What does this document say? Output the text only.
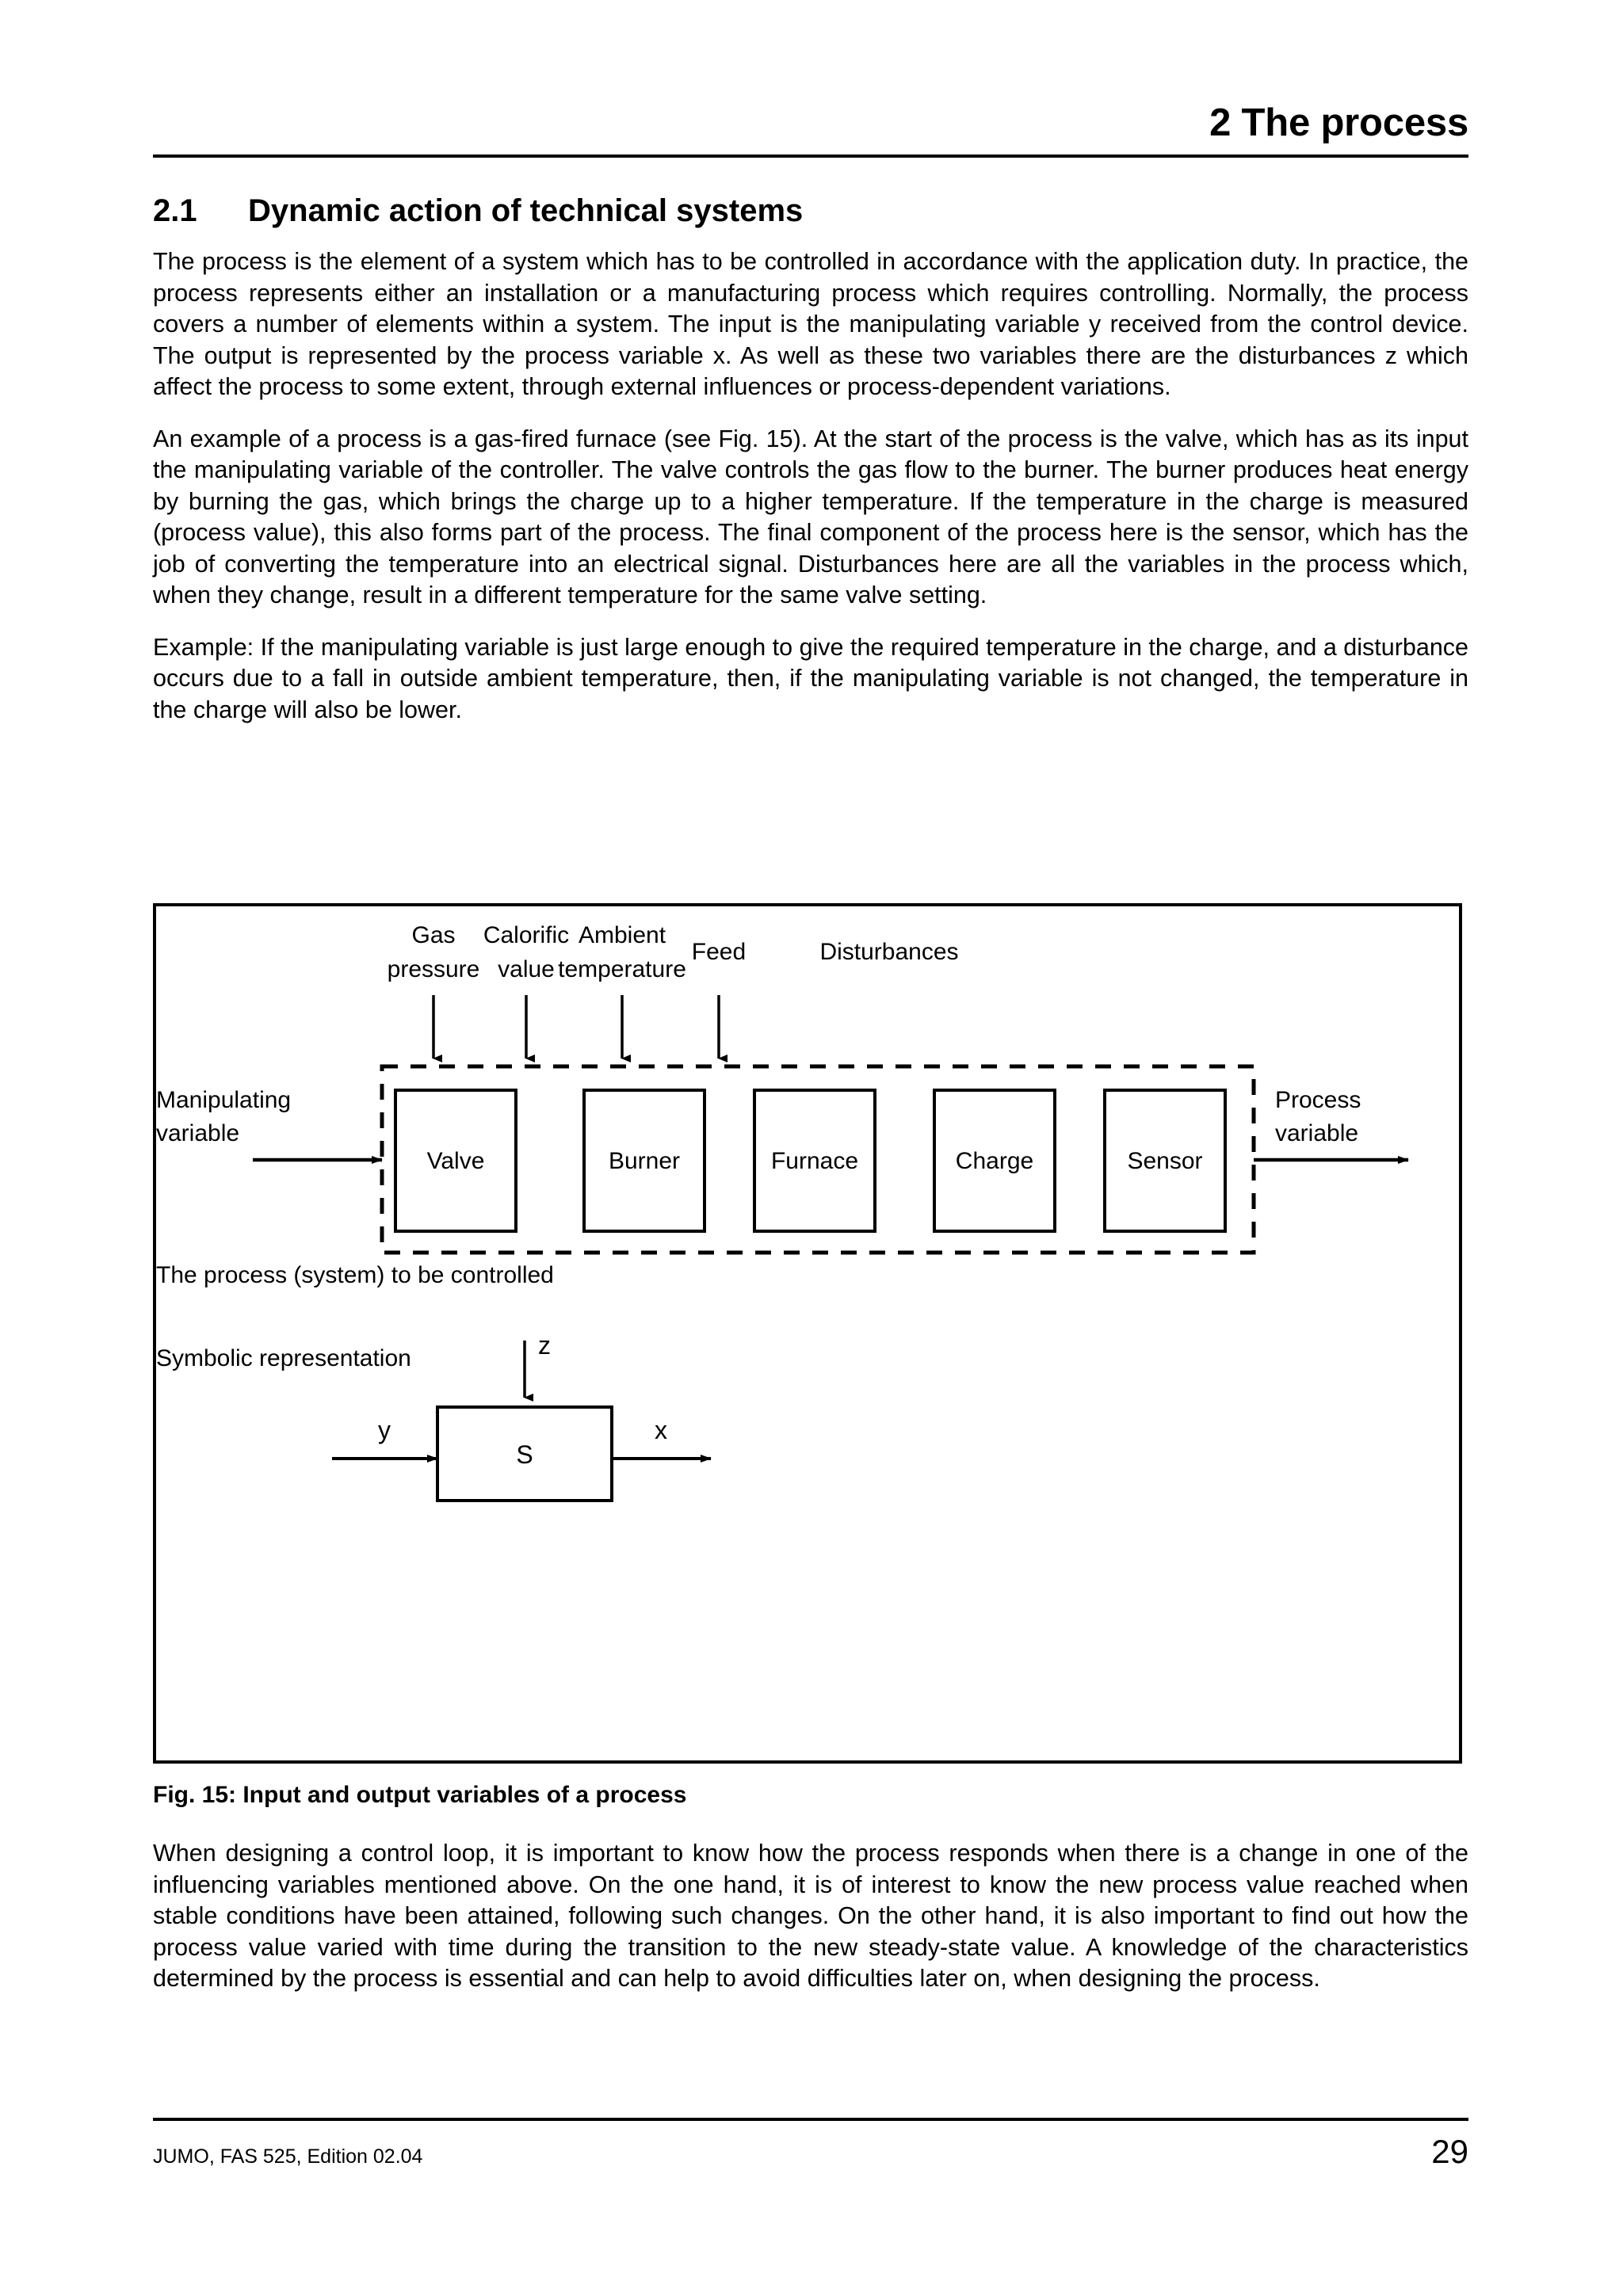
2 The process
2.1	Dynamic action of technical systems

The process is the element of a system which has to be controlled in accordance with the application duty. In practice, the process represents either an installation or a manufacturing process which requires controlling. Normally, the process covers a number of elements within a system. The input is the manipulating variable y received from the control device. The output is represented by the process variable x. As well as these two variables there are the disturbances z which affect the process to some extent, through external influences or process-dependent variations.

An example of a process is a gas-fired furnace (see Fig. 15). At the start of the process is the valve, which has as its input the manipulating variable of the controller. The valve controls the gas flow to the burner. The burner produces heat energy by burning the gas, which brings the charge up to a higher temperature. If the temperature in the charge is measured (process value), this also forms part of the process. The final component of the process here is the sensor, which has the job of converting the temperature into an electrical signal. Disturbances here are all the variables in the process which, when they change, result in a different temperature for the same valve setting.

Example: If the manipulating variable is just large enough to give the required temperature in the charge, and a disturbance occurs due to a fall in outside ambient temperature, then, if the manipulating variable is not changed, the temperature in the charge will also be lower.

Gas
pressure
Calorific
value
Ambient
temperature
Feed	Disturbances
Manipulating
variable
Valve	Burner	Furnace	Charge	Sensor
Process
variable
The process (system) to be controlled
Symbolic representation	z
S
y	x
Fig. 15: Input and output variables of a process

When designing a control loop, it is important to know how the process responds when there is a change in one of the influencing variables mentioned above. On the one hand, it is of interest to know the new process value reached when stable conditions have been attained, following such changes. On the other hand, it is also important to find out how the process value varied with time during the transition to the new steady-state value. A knowledge of the characteristics determined by the process is essential and can help to avoid difficulties later on, when designing the process.

JUMO, FAS 525, Edition 02.04	29
